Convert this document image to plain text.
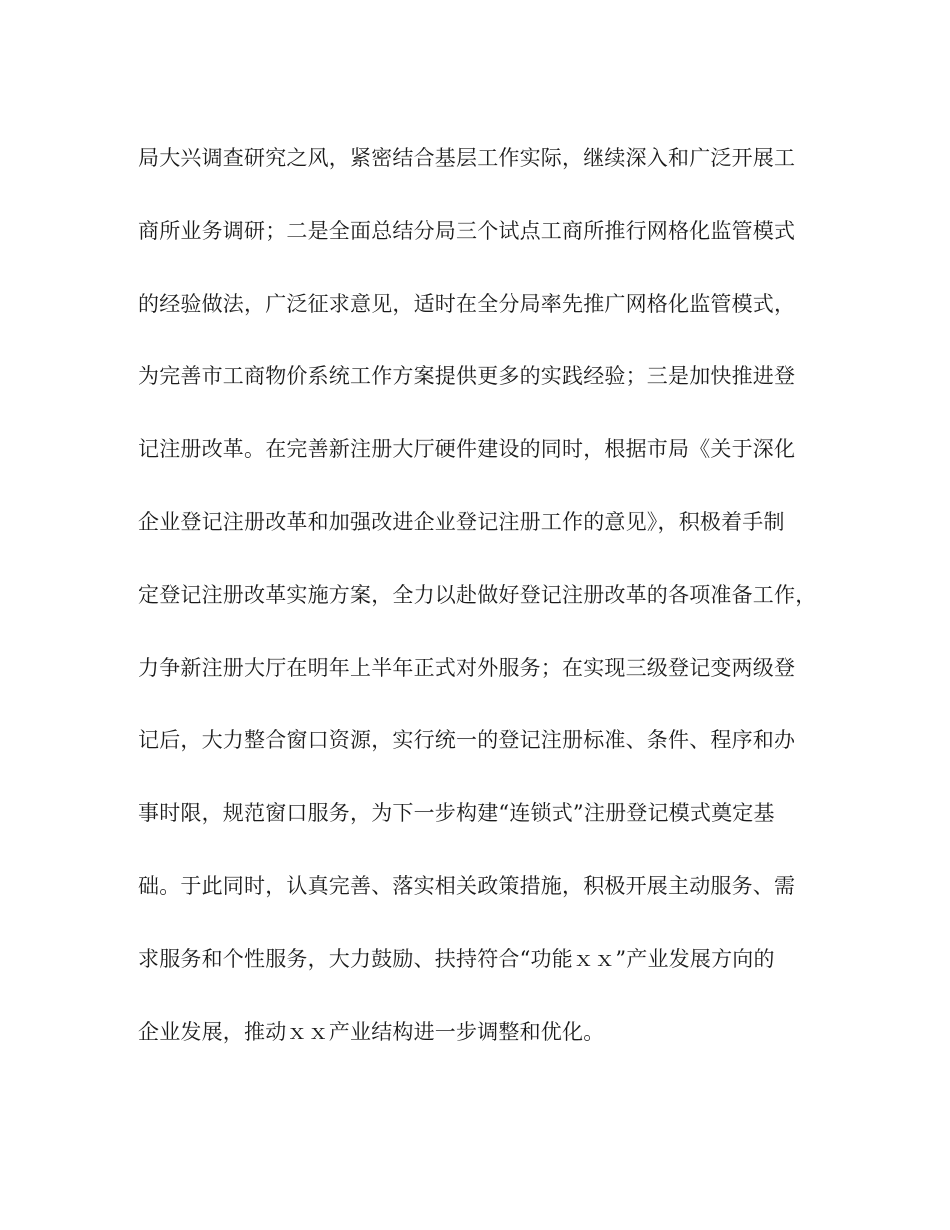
局大兴调查研究之风，紧密结合基层工作实际，继续深入和广泛开展工
商所业务调研；二是全面总结分局三个试点工商所推行网格化监管模式
的经验做法，广泛征求意见，适时在全分局率先推广网格化监管模式，
为完善市工商物价系统工作方案提供更多的实践经验；三是加快推进登
记注册改革。在完善新注册大厅硬件建设的同时，根据市局《关于深化
企业登记注册改革和加强改进企业登记注册工作的意见》，积极着手制
定登记注册改革实施方案，全力以赴做好登记注册改革的各项准备工作，
力争新注册大厅在明年上半年正式对外服务；在实现三级登记变两级登
记后，大力整合窗口资源，实行统一的登记注册标准、条件、程序和办
事时限，规范窗口服务，为下一步构建“连锁式”注册登记模式奠定基
础。于此同时，认真完善、落实相关政策措施，积极开展主动服务、需
求服务和个性服务，大力鼓励、扶持符合“功能ｘｘ”产业发展方向的
企业发展，推动ｘｘ产业结构进一步调整和优化。
